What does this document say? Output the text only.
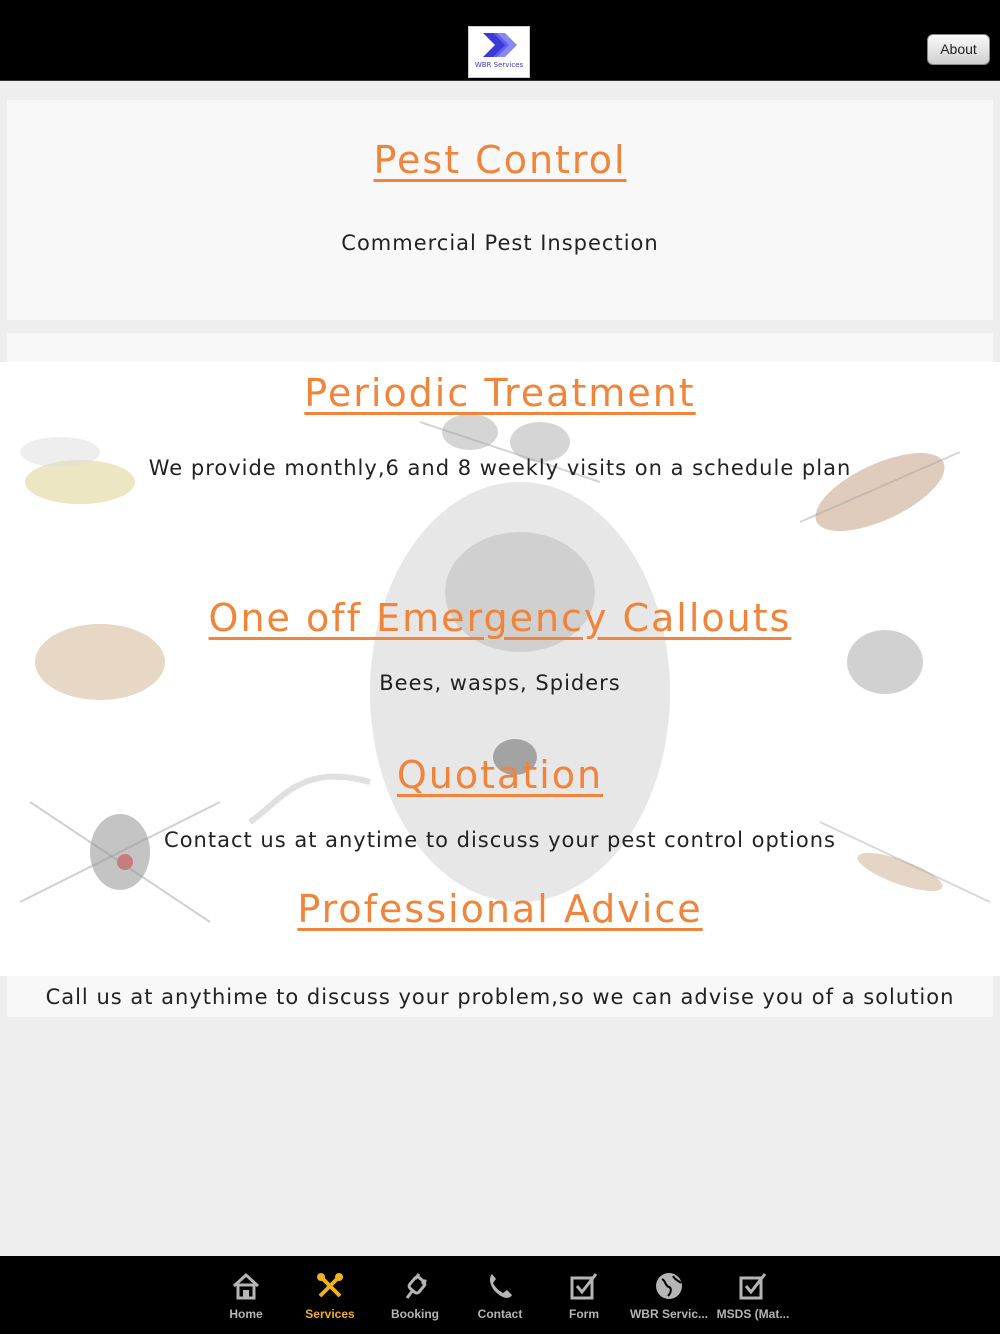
WBR Services
About
Pest Control
Commercial Pest Inspection
Periodic Treatment
We provide monthly,6 and 8 weekly visits on a schedule plan
One off Emergency Callouts
Bees, wasps, Spiders
Quotation
Contact us at anytime to discuss your pest control options
Professional Advice
Call us at anythime to discuss your problem,so we can advise you of a solution
Home	Services	Booking	Contact	Form	WBR Servic... MSDS (Mat...
